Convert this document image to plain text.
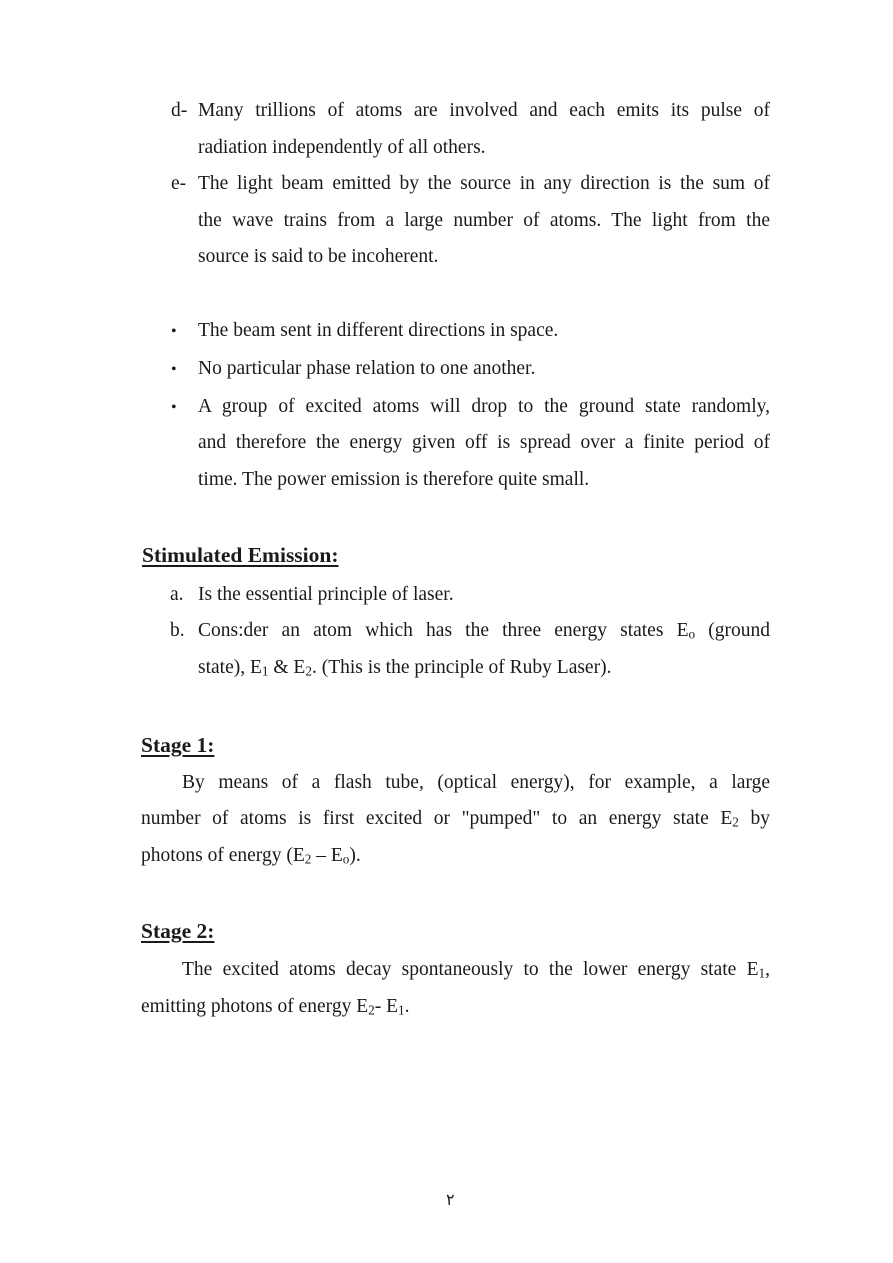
d- Many trillions of atoms are involved and each emits its pulse of
radiation independently of all others.
e- The light beam emitted by the source in any direction is the sum of
the wave trains from a large number of atoms. The light from the
source is said to be incoherent.
• The beam sent in different directions in space.
• No particular phase relation to one another.
• A group of excited atoms will drop to the ground state randomly,
and therefore the energy given off is spread over a finite period of
time. The power emission is therefore quite small.
Stimulated Emission:
a. Is the essential principle of laser.
b. Cons:der an atom which has the three energy states $E_o$ (ground
state), $E_1$ & $E_2$. (This is the principle of Ruby Laser).
Stage 1:
By means of a flash tube, (optical energy), for example, a large
number of atoms is first excited or "pumped" to an energy state $E_2$ by
photons of energy $(E_2 - E_o)$.
Stage 2:
The excited atoms decay spontaneously to the lower energy state $E_1$,
emitting photons of energy $E_2-$ $E_1$.
٢
